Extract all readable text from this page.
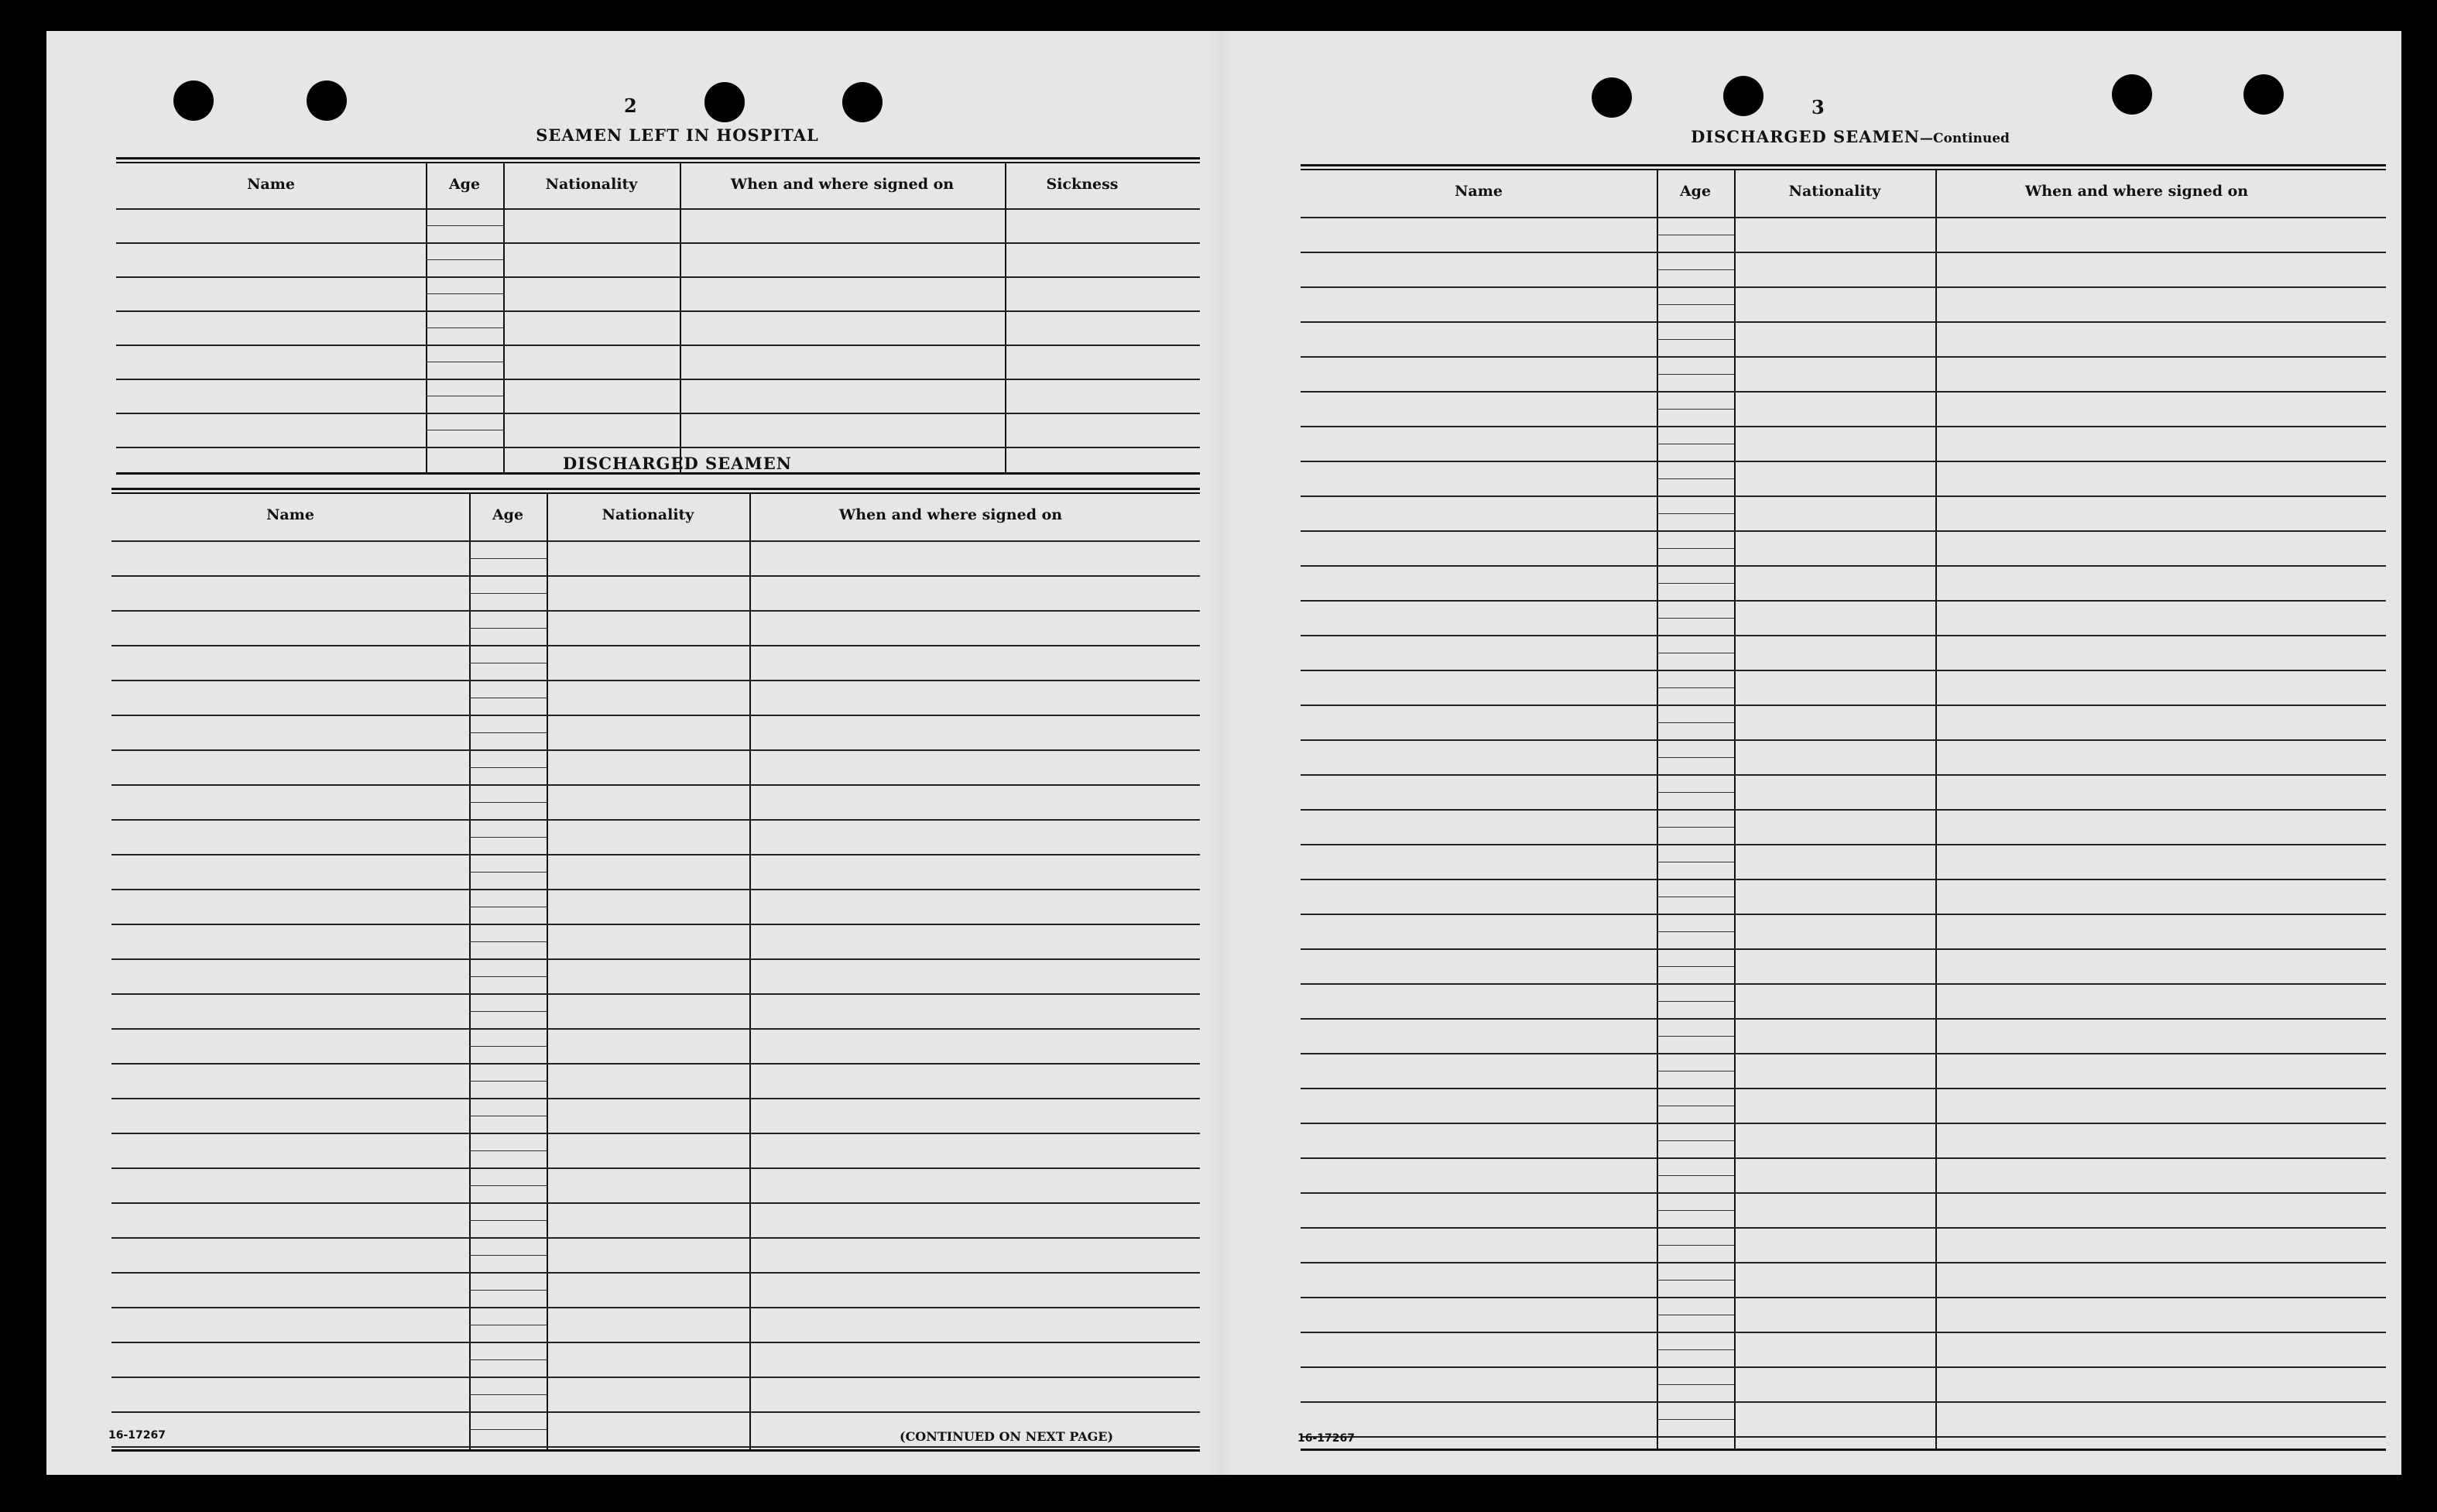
2
SEAMEN LEFT IN HOSPITAL
Name	Age	Nationality	When and where signed on	Sickness
DISCHARGED SEAMEN
Name	Age	Nationality	When and where signed on
16-17267	(CONTINUED ON NEXT PAGE)
3
DISCHARGED SEAMEN—Continued
Name	Age	Nationality	When and where signed on
16-17267
